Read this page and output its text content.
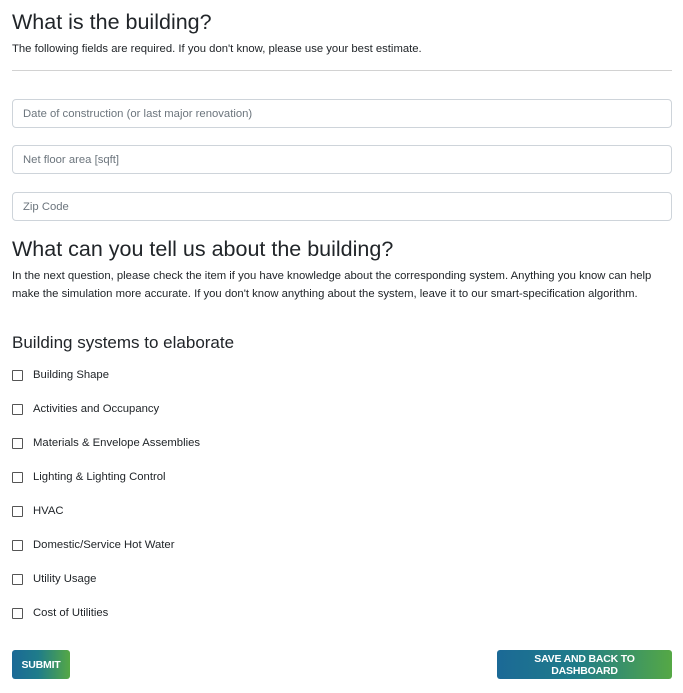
What is the building?
The following fields are required. If you don't know, please use your best estimate.
Date of construction (or last major renovation)
Net floor area [sqft]
Zip Code
What can you tell us about the building?
In the next question, please check the item if you have knowledge about the corresponding system. Anything you know can help make the simulation more accurate. If you don't know anything about the system, leave it to our smart-specification algorithm.
Building systems to elaborate
Building Shape
Activities and Occupancy
Materials & Envelope Assemblies
Lighting & Lighting Control
HVAC
Domestic/Service Hot Water
Utility Usage
Cost of Utilities
SUBMIT	SAVE AND BACK TO DASHBOARD
